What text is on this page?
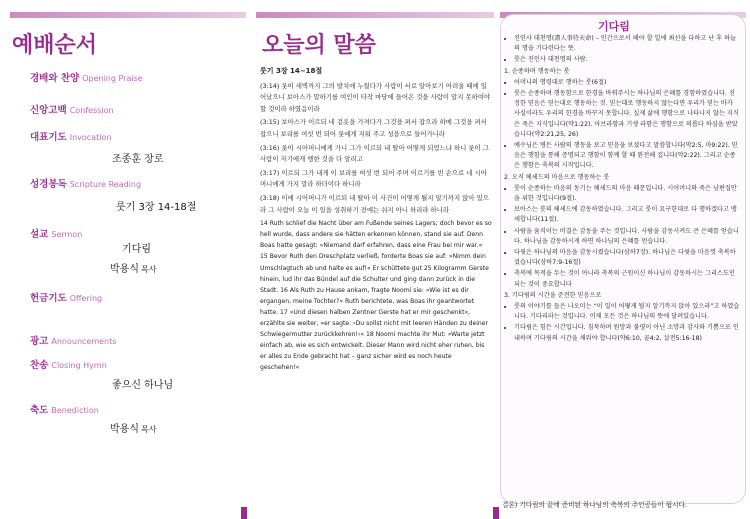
예배순서
경배와 찬양 Opening Praise
신앙고백 Confession
대표기도 Invocation
조종훈 장로
성경봉독 Scripture Reading
룻기 3장 14-18절
설교 Sermon
기다림
박용식 목사
헌금기도 Offering
광고 Announcements
찬송 Closing Hymn
좋으신 하나님
축도 Benediction
박용식 목사
오늘의 말씀

룻기 3장 14~18절

(3:14) 룻이 새벽까지 그의 발치에 누웠다가 사람이 서로 알아보기 어려울 때에 일어났으니 보아스가 말하기를 여인이 타작 마당에 들어온 것을 사람이 알지 못하여야 할 것이라 하였음이라

(3:15) 보아스가 이르되 네 겉옷을 가져다가 그것을 펴서 잡으라 하매 그것을 펴서 잡으니 보리를 여섯 번 되어 룻에게 지워 주고 성읍으로 들어가니라

(3:16) 룻이 시어머니에게 가니 그가 이르되 내 딸아 어떻게 되었느냐 하니 룻이 그 사람이 자기에게 행한 것을 다 알리고

(3:17) 이르되 그가 내게 이 보리를 여섯 번 되어 주며 이르기를 빈 손으로 네 시어머니에게 가지 말라 하더이다 하니라

(3:18) 이에 시어머니가 이르되 내 딸아 이 사건이 어떻게 될지 알기까지 앉아 있으라 그 사람이 오늘 이 일을 성취하기 전에는 쉬지 아니 하리라 하니라

14 Ruth schlief die Nacht über am Fußende seines Lagers; doch bevor es so hell wurde, dass andere sie hätten erkennen können, stand sie auf. Denn Boas hatte gesagt: »Niemand darf erfahren, dass eine Frau bei mir war.« 15 Bevor Ruth den Dreschplatz verließ, forderte Boas sie auf: »Nimm dein Umschlagtuch ab und halte es auf!« Er schüttete gut 25 Kilogramm Gerste hinein, lud ihr das Bündel auf die Schulter und ging dann zurück in die Stadt. 16 Als Ruth zu Hause ankam, fragte Noomi sie: »Wie ist es dir ergangen, meine Tochter?« Ruth berichtete, was Boas ihr geantwortet hatte. 17 »Und diesen halben Zentner Gerste hat er mir geschenkt«, erzählte sie weiter, »er sagte: ›Du sollst nicht mit leeren Händen zu deiner Schwiegermutter zurückkehren!‹« 18 Noomi machte ihr Mut: »Warte jetzt einfach ab, wie es sich entwickelt. Dieser Mann wird nicht eher ruhen, bis er alles zu Ende gebracht hat – ganz sicher wird es noch heute geschehen!«

기다림
• 진인사 대천명(盡人事待天命) – 인간으로서 해야 할 일에 최선을 다하고 난 후 하늘의 명을 기다린다는 뜻.
• 룻은 진인사 대천명의 사람.
1. 순종하며 행동하는 룻
• 어머니의 명령대로 행하는 룻(6절)
• 룻은 순종하며 행동함으로 한경을 바꿔주시는 하나님의 은혜를 경험하였습니다. 진정한 믿음은 믿는대로 행동하는 것. 믿는대로 행동하지 않는다면 우리가 믿는 바가 사실이라도 우리의 한경을 바꾸지 못합니다. 실제 삶에 행함으로 나타나지 않는 지식은 죽은 지식입니다(약1:22). 아브라함과 기생 라함은 행함으로 의롭다 하심을 받았습니다(약2:21,25, 26)
• 예수님은 병든 사람의 행동을 보고 믿음을 보셨다고 말씀합니다(막2:5, 마9:22). 믿음은 행함을 통해 증명되고 행함이 함께 할 때 완전해 집니다(약2:22). 그리고 순종은 행함은 축복의 시작입니다.
2. 오직 헤세드의 마음으로 행동하는 룻
• 룻이 순종하는 마음의 동기는 헤세드의 마음 때문입니다. 시어머니와 죽은 남편집안을 위한 것입니다(9절).
• 보아스는 룻의 헤세드에 감동하였습니다. 그리고 룻이 요구한대로 다 행하겠다고 맹세합니다(11절).
• 사람을 움직이는 비결은 감동을 주는 것입니다. 사람을 감동시켜도 큰 은혜를 얻습니다. 하나님을 감동하시게 하면 하나님의 은혜를 얻습니다.
• 다윗은 하나님의 마음을 감동시켰습니다(삼하7장). 하나님은 다윗을 마음껏 축복하셨습니다(삼하7:9-16절)
• 축복에 목적을 두는 것이 아니라 축복의 근원이신 하나님이 감동하시는 그리스도인되는 것이 중요합니다
3. 기다림의 시간을 준전한 믿음으로
• 룻의 이야기를 들은 나오미는 “이 일이 어떻게 될지 알기까지 앉아 있으라”고 하였습니다. 기다리라는 것입니다. 이제 모든 것은 하나님의 뜻에 달려있습니다.
• 기다림은 힘든 시간입니다. 침묵하며 원망과 불평이 아닌 소망과 감사와 기쁨으로 인내하며 기다림의 시간을 채워야 합니다(약6:10, 골4:2, 살전5:16-18)
결론) 기다림의 끝에 준비된 하나님의 축복의 주인공들이 됩시다.
